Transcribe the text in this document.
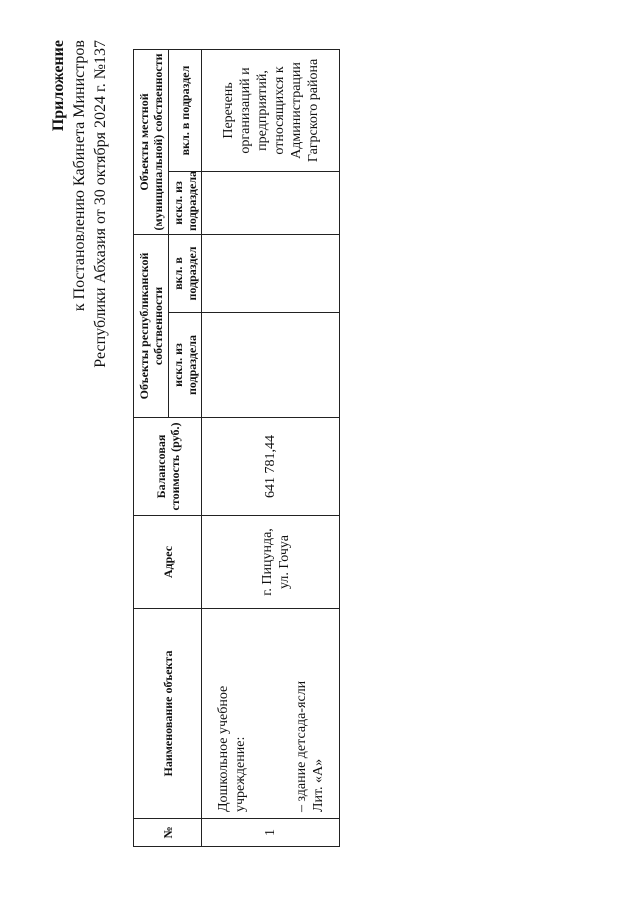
Приложение к Постановлению Кабинета Министров Республики Абхазия от 30 октября 2024 г. №137
№	Наименование объекта	Адрес	Балансовая стоимость (руб.)	Объекты республиканской собственности		Объекты местной (муниципальной) собственности	
				искл. из подраздела	вкл. в подраздел	искл. из подраздела	вкл. в подраздел
1	Дошкольное учебное учреждение: – здание детсада-ясли Лит. «А»	г. Пицунда, ул. Гочуа	641 781,44				Перечень организаций и предприятий, относящихся к Администрации Гагрского района
